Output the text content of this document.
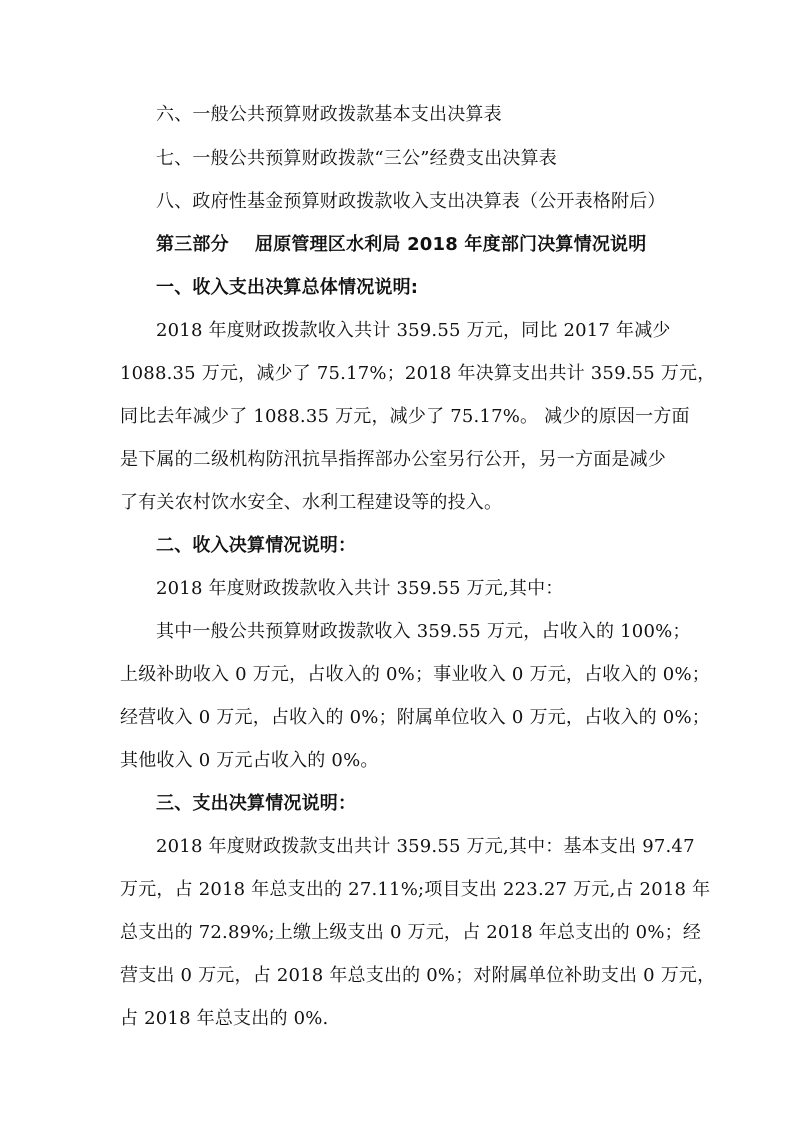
六、一般公共预算财政拨款基本支出决算表
七、一般公共预算财政拨款“三公”经费支出决算表
八、政府性基金预算财政拨款收入支出决算表（公开表格附后）
第三部分 屈原管理区水利局 2018 年度部门决算情况说明
一、收入支出决算总体情况说明:
2018 年度财政拨款收入共计 359.55 万元，同比 2017 年减少
1088.35 万元，减少了 75.17%；2018 年决算支出共计 359.55 万元，
同比去年减少了 1088.35 万元，减少了 75.17%。 减少的原因一方面
是下属的二级机构防汛抗旱指挥部办公室另行公开，另一方面是减少
了有关农村饮水安全、水利工程建设等的投入。
二、收入决算情况说明：
2018 年度财政拨款收入共计 359.55 万元,其中：
其中一般公共预算财政拨款收入 359.55 万元，占收入的 100%；
上级补助收入 0 万元，占收入的 0%；事业收入 0 万元，占收入的 0%；
经营收入 0 万元，占收入的 0%；附属单位收入 0 万元，占收入的 0%；
其他收入 0 万元占收入的 0%。
三、支出决算情况说明：
2018 年度财政拨款支出共计 359.55 万元,其中：基本支出 97.47
万元，占 2018 年总支出的 27.11%;项目支出 223.27 万元,占 2018 年
总支出的 72.89%;上缴上级支出 0 万元，占 2018 年总支出的 0%；经
营支出 0 万元，占 2018 年总支出的 0%；对附属单位补助支出 0 万元，
占 2018 年总支出的 0%.
